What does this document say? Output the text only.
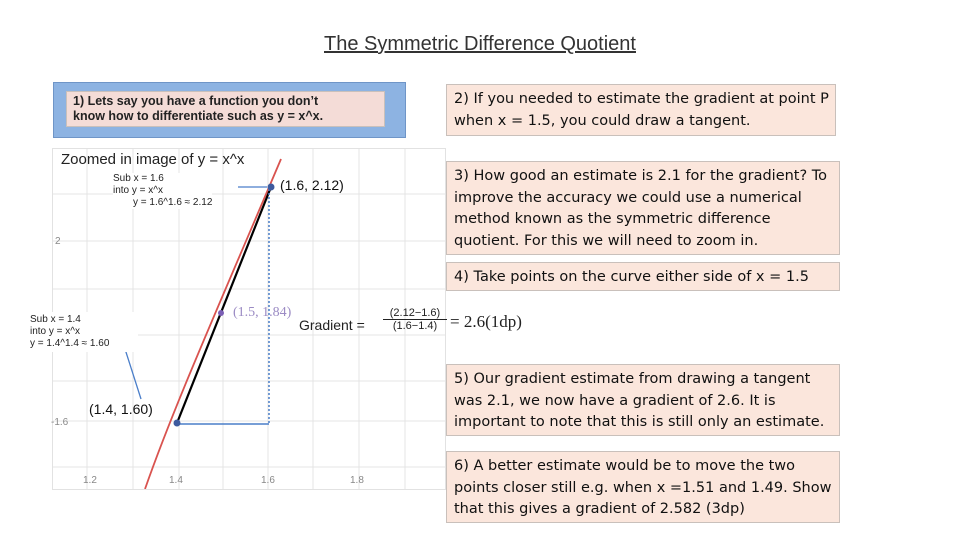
The Symmetric Difference Quotient
1) Lets say you have a function you don’t
know how to differentiate such as y = x^x.
1.2	1.4	1.6	1.8
2
-1.6
Zoomed in image of y = x^x
Sub x = 1.6
into y = x^x
y = 1.6^1.6 ≈ 2.12
(1.6, 2.12)
(1.4, 1.60)
(1.5, 1.84)
Gradient = $\frac{(2.12-1.6)}{(1.6-1.4)} = 2.6(1dp)$
Sub x = 1.4
into y = x^x
y = 1.4^1.4 ≈ 1.60
2) If you needed to estimate the gradient at point P when x = 1.5, you could draw a tangent.
3) How good an estimate is 2.1 for the gradient? To improve the accuracy we could use a numerical method known as the symmetric difference quotient. For this we will need to zoom in.
4) Take points on the curve either side of x = 1.5
5) Our gradient estimate from drawing a tangent was 2.1, we now have a gradient of 2.6. It is important to note that this is still only an estimate.
6) A better estimate would be to move the two points closer still e.g. when x =1.51 and 1.49. Show that this gives a gradient of 2.582 (3dp)
